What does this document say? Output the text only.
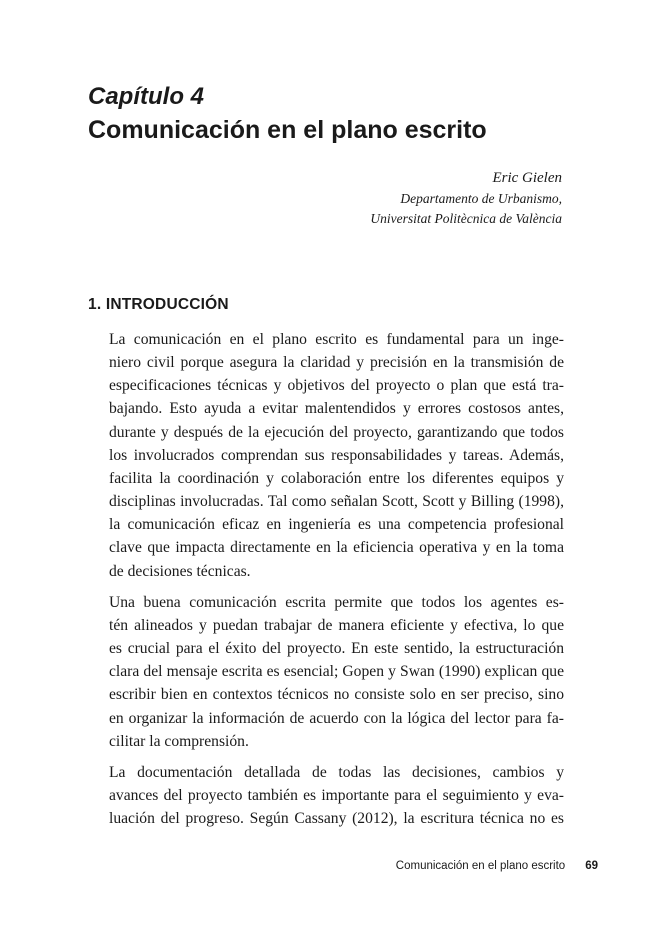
Capítulo 4
Comunicación en el plano escrito
Eric Gielen
Departamento de Urbanismo,
Universitat Politècnica de València
1. INTRODUCCIÓN

La comunicación en el plano escrito es fundamental para un inge-
niero civil porque asegura la claridad y precisión en la transmisión de
especificaciones técnicas y objetivos del proyecto o plan que está tra-
bajando. Esto ayuda a evitar malentendidos y errores costosos antes,
durante y después de la ejecución del proyecto, garantizando que todos
los involucrados comprendan sus responsabilidades y tareas. Además,
facilita la coordinación y colaboración entre los diferentes equipos y
disciplinas involucradas. Tal como señalan Scott, Scott y Billing (1998),
la comunicación eficaz en ingeniería es una competencia profesional
clave que impacta directamente en la eficiencia operativa y en la toma
de decisiones técnicas.

Una buena comunicación escrita permite que todos los agentes es-
tén alineados y puedan trabajar de manera eficiente y efectiva, lo que
es crucial para el éxito del proyecto. En este sentido, la estructuración
clara del mensaje escrita es esencial; Gopen y Swan (1990) explican que
escribir bien en contextos técnicos no consiste solo en ser preciso, sino
en organizar la información de acuerdo con la lógica del lector para fa-
cilitar la comprensión.

La documentación detallada de todas las decisiones, cambios y
avances del proyecto también es importante para el seguimiento y eva-
luación del progreso. Según Cassany (2012), la escritura técnica no es

Comunicación en el plano escrito 69
